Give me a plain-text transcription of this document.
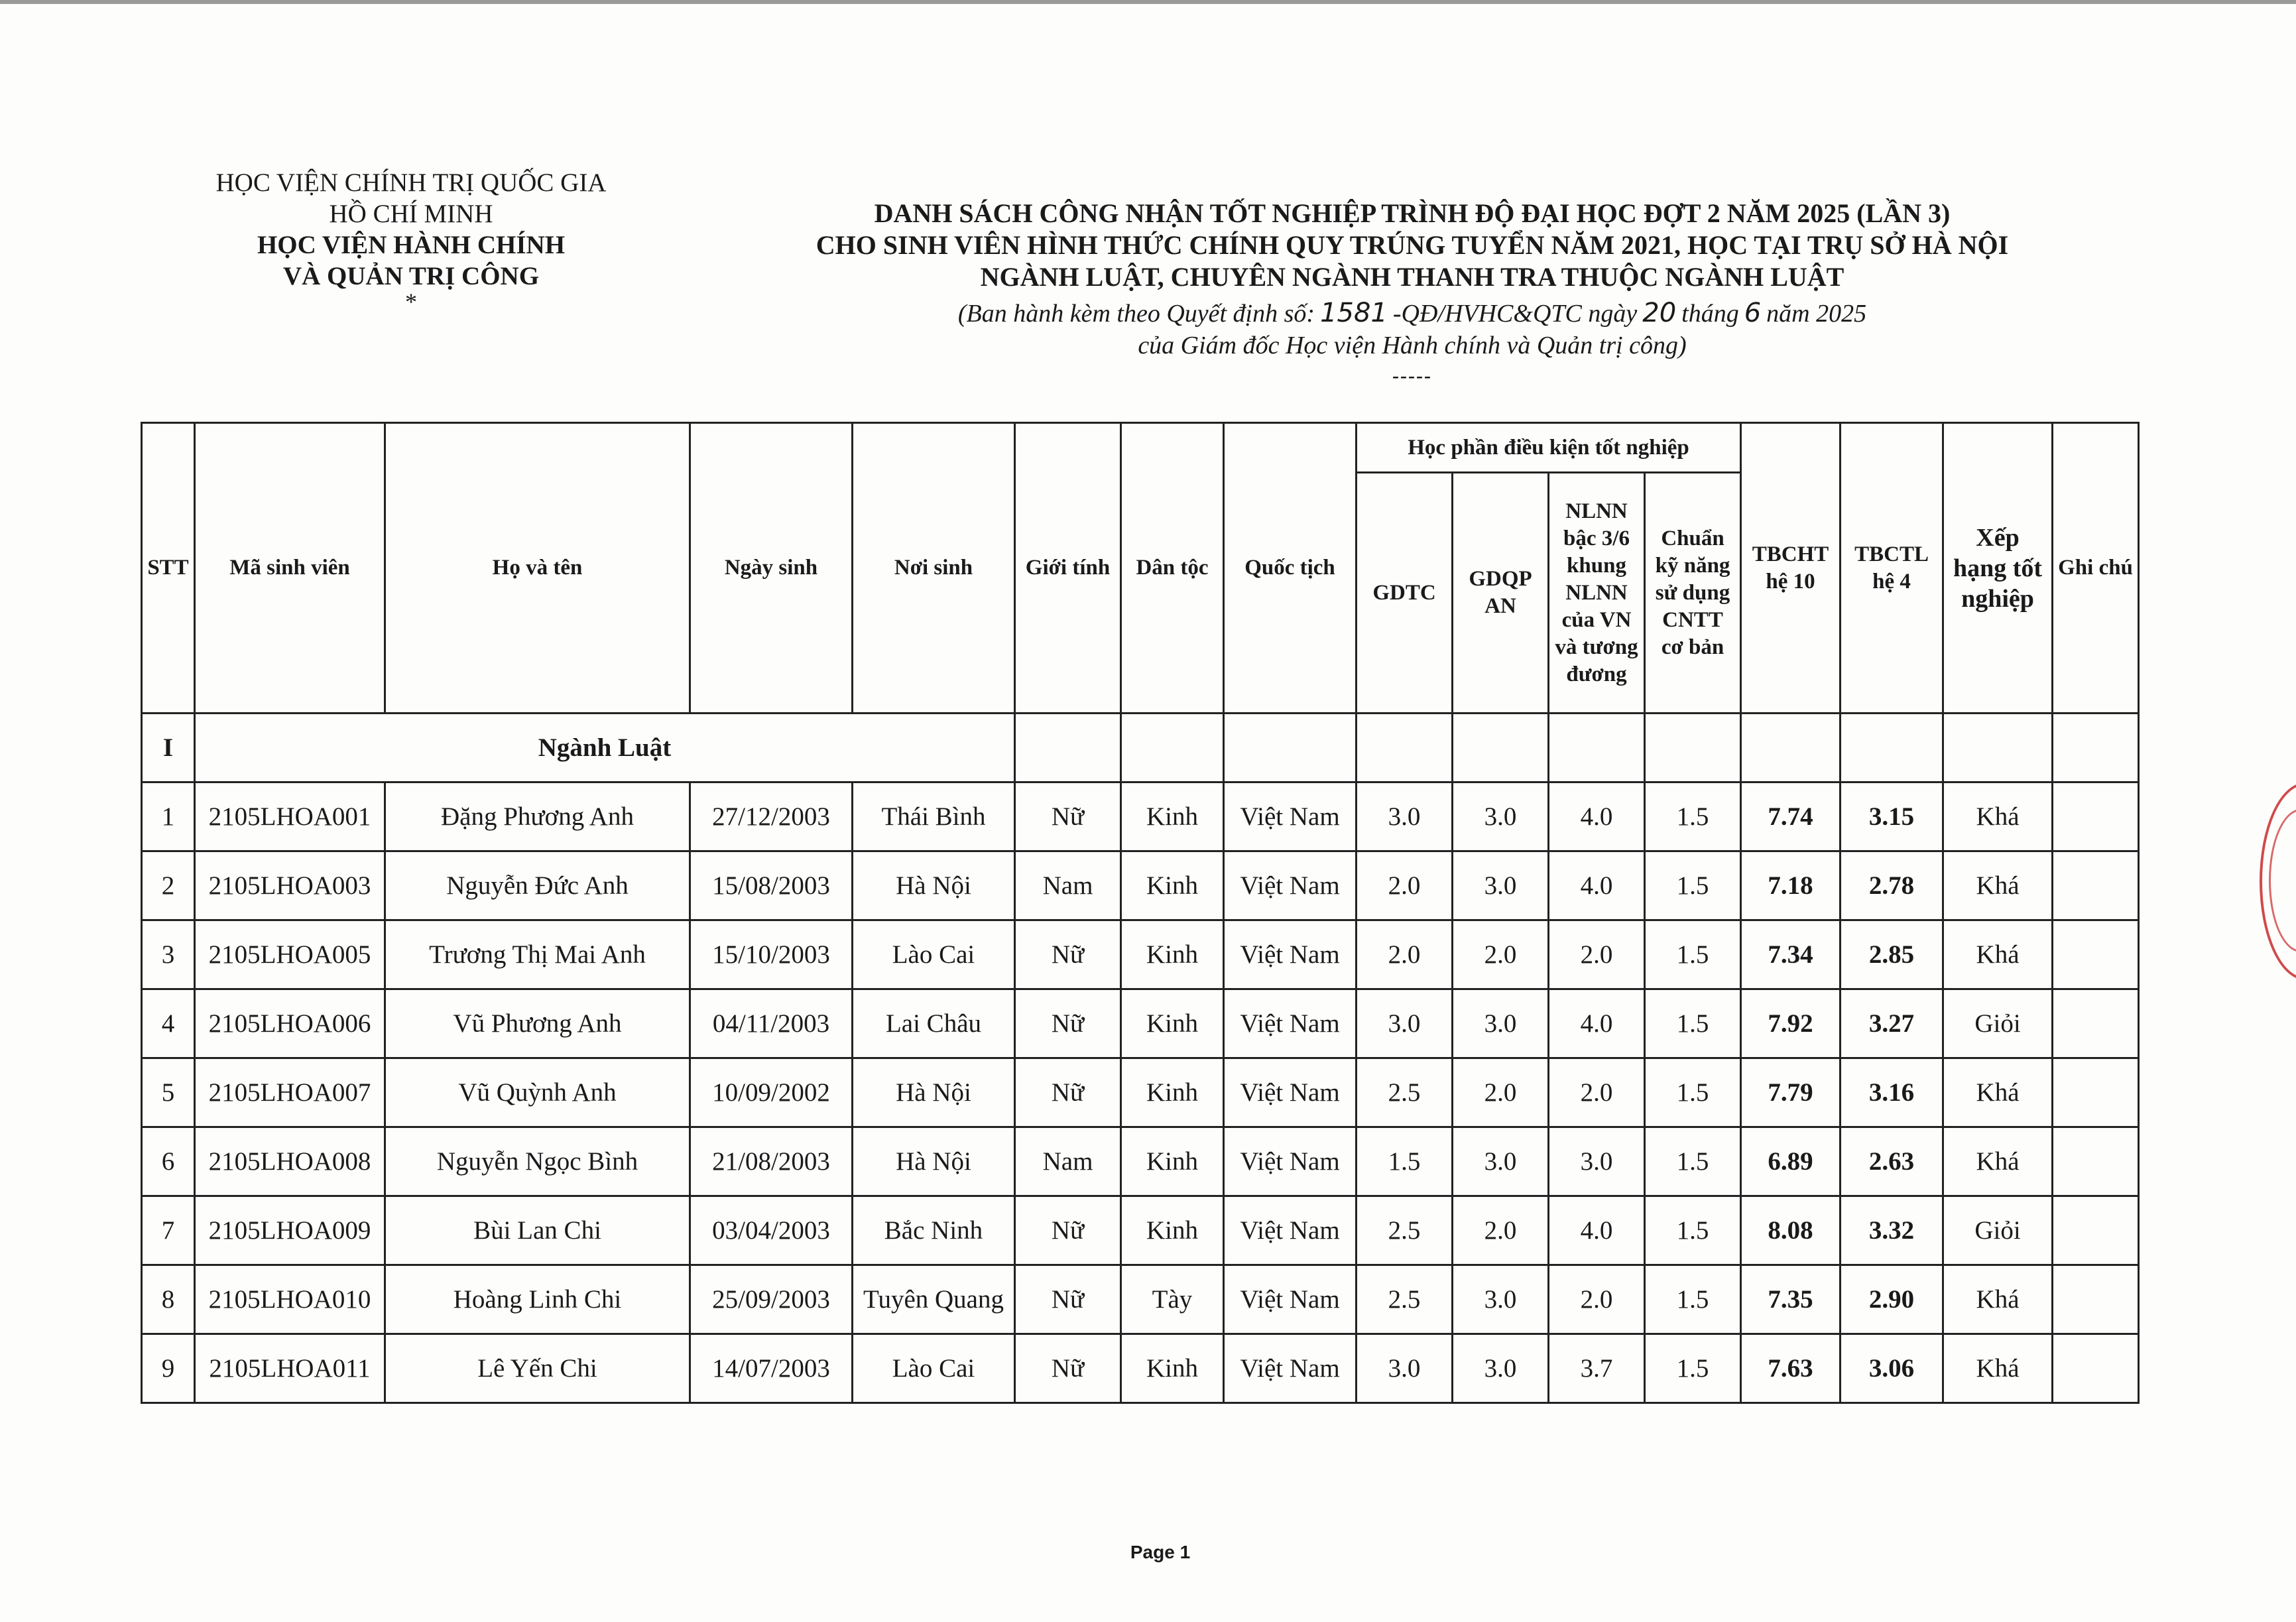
HỌC VIỆN CHÍNH TRỊ QUỐC GIA
HỒ CHÍ MINH
HỌC VIỆN HÀNH CHÍNH
VÀ QUẢN TRỊ CÔNG
*
DANH SÁCH CÔNG NHẬN TỐT NGHIỆP TRÌNH ĐỘ ĐẠI HỌC ĐỢT 2 NĂM 2025 (LẦN 3)
CHO SINH VIÊN HÌNH THỨC CHÍNH QUY TRÚNG TUYỂN NĂM 2021, HỌC TẠI TRỤ SỞ HÀ NỘI
NGÀNH LUẬT, CHUYÊN NGÀNH THANH TRA THUỘC NGÀNH LUẬT
(Ban hành kèm theo Quyết định số: 1581 -QĐ/HVHC&QTC ngày 20 tháng 6 năm 2025
của Giám đốc Học viện Hành chính và Quản trị công)
-----
STT	Mã sinh viên	Họ và tên	Ngày sinh	Nơi sinh	Giới tính	Dân tộc	Quốc tịch	Học phần điều kiện tốt nghiệp				TBCHT hệ 10	TBCTL hệ 4	Xếp hạng tốt nghiệp	Ghi chú
								GDTC	GDQP AN	NLNN bậc 3/6 khung NLNN của VN và tương đương	Chuẩn kỹ năng sử dụng CNTT cơ bản				
I	Ngành Luật														
1	2105LHOA001	Đặng Phương Anh	27/12/2003	Thái Bình	Nữ	Kinh	Việt Nam	3.0	3.0	4.0	1.5	7.74	3.15	Khá	
2	2105LHOA003	Nguyễn Đức Anh	15/08/2003	Hà Nội	Nam	Kinh	Việt Nam	2.0	3.0	4.0	1.5	7.18	2.78	Khá	
3	2105LHOA005	Trương Thị Mai Anh	15/10/2003	Lào Cai	Nữ	Kinh	Việt Nam	2.0	2.0	2.0	1.5	7.34	2.85	Khá	
4	2105LHOA006	Vũ Phương Anh	04/11/2003	Lai Châu	Nữ	Kinh	Việt Nam	3.0	3.0	4.0	1.5	7.92	3.27	Giỏi	
5	2105LHOA007	Vũ Quỳnh Anh	10/09/2002	Hà Nội	Nữ	Kinh	Việt Nam	2.5	2.0	2.0	1.5	7.79	3.16	Khá	
6	2105LHOA008	Nguyễn Ngọc Bình	21/08/2003	Hà Nội	Nam	Kinh	Việt Nam	1.5	3.0	3.0	1.5	6.89	2.63	Khá	
7	2105LHOA009	Bùi Lan Chi	03/04/2003	Bắc Ninh	Nữ	Kinh	Việt Nam	2.5	2.0	4.0	1.5	8.08	3.32	Giỏi	
8	2105LHOA010	Hoàng Linh Chi	25/09/2003	Tuyên Quang	Nữ	Tày	Việt Nam	2.5	3.0	2.0	1.5	7.35	2.90	Khá	
9	2105LHOA011	Lê Yến Chi	14/07/2003	Lào Cai	Nữ	Kinh	Việt Nam	3.0	3.0	3.7	1.5	7.63	3.06	Khá	
Page 1
